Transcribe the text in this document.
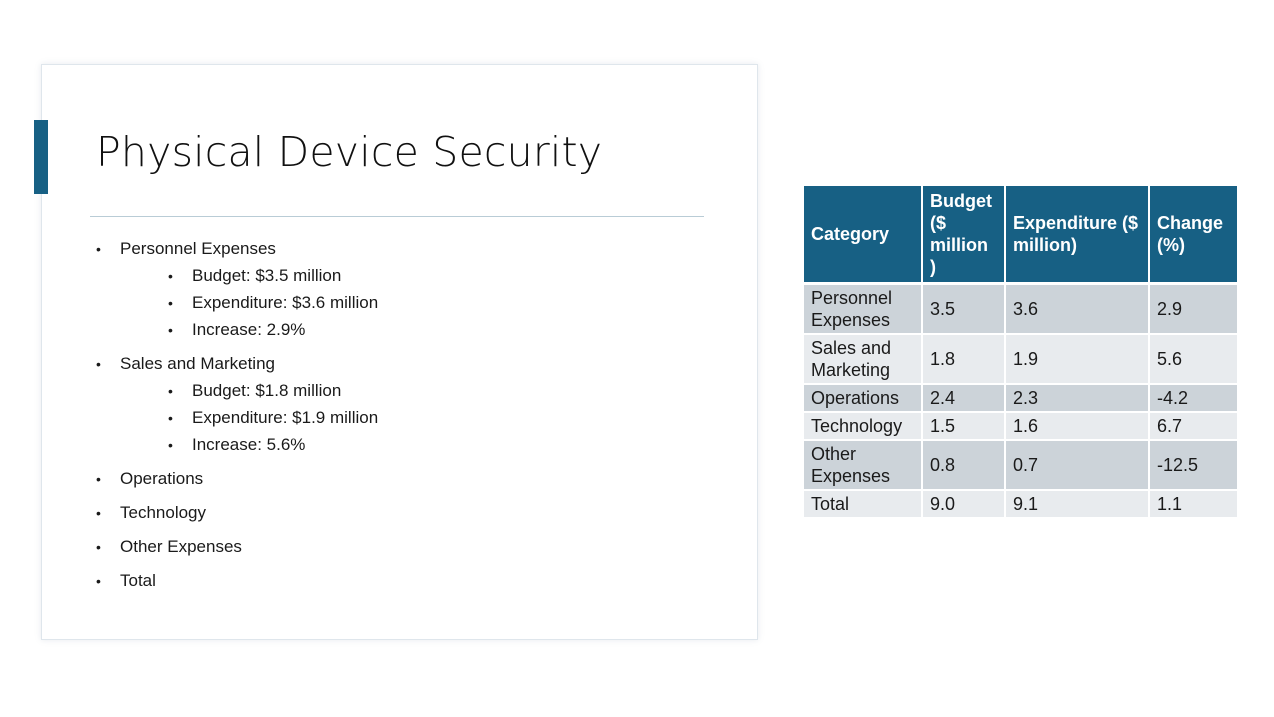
Physical Device Security
• Personnel Expenses
• Budget: $3.5 million
• Expenditure: $3.6 million
• Increase: 2.9%
• Sales and Marketing
• Budget: $1.8 million
• Expenditure: $1.9 million
• Increase: 5.6%
• Operations
• Technology
• Other Expenses
• Total
Category	Budget ($ million )	Expenditure ($ million)	Change (%)
Personnel Expenses	3.5	3.6	2.9
Sales and Marketing	1.8	1.9	5.6
Operations	2.4	2.3	-4.2
Technology	1.5	1.6	6.7
Other Expenses	0.8	0.7	-12.5
Total	9.0	9.1	1.1
